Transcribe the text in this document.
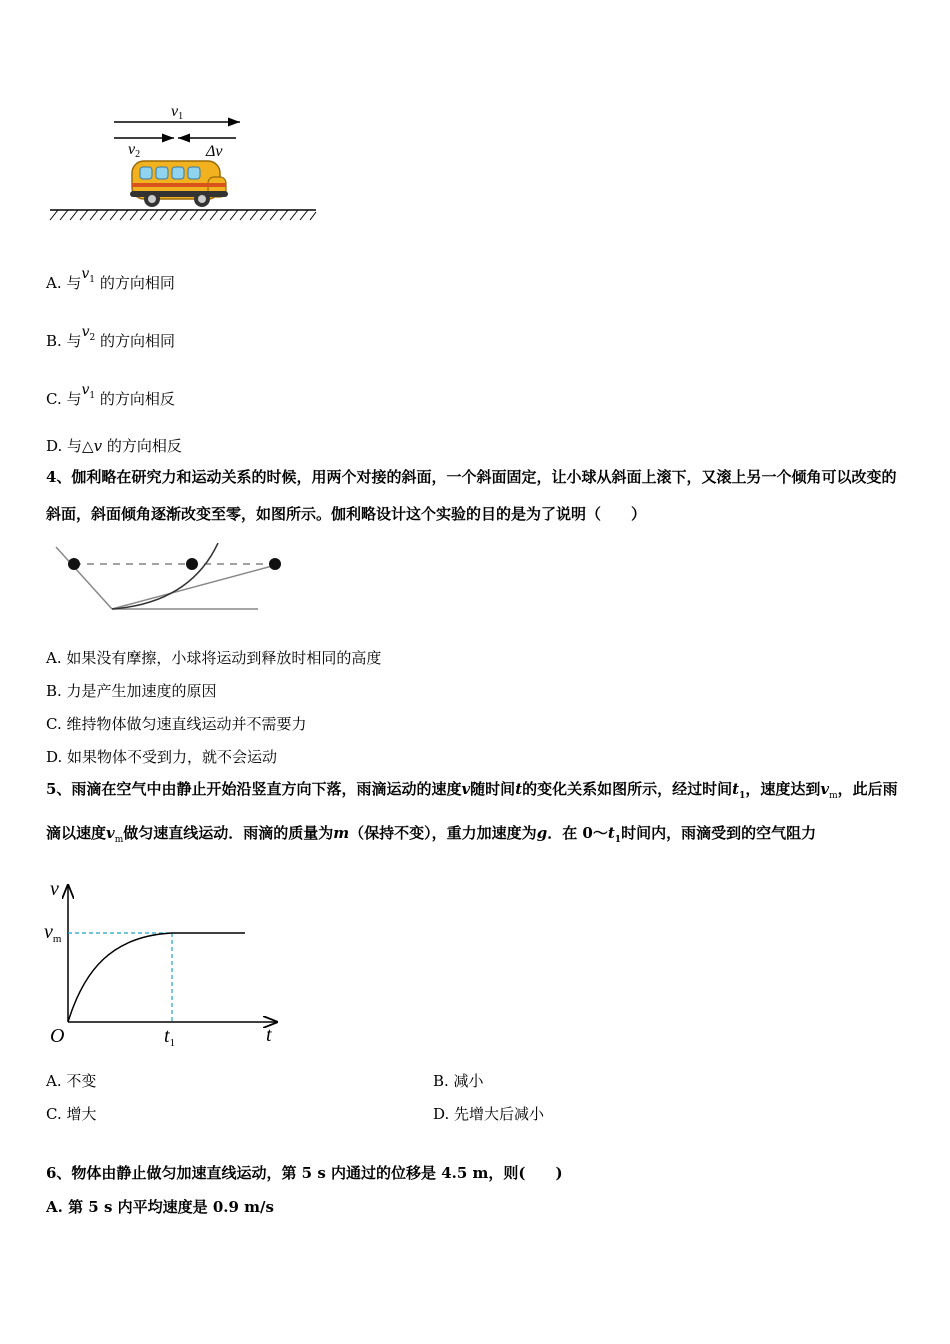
v1
v2	Δv
A. 与$v_1$ 的方向相同
B. 与$v_2$ 的方向相同
C. 与$v_1$ 的方向相反
D. 与△v 的方向相反
4、伽利略在研究力和运动关系的时候，用两个对接的斜面，一个斜面固定，让小球从斜面上滚下，又滚上另一个倾角可以改变的斜面，斜面倾角逐渐改变至零，如图所示。伽利略设计这个实验的目的是为了说明（　　）
A. 如果没有摩擦，小球将运动到释放时相同的高度
B. 力是产生加速度的原因
C. 维持物体做匀速直线运动并不需要力
D. 如果物体不受到力，就不会运动
5、雨滴在空气中由静止开始沿竖直方向下落，雨滴运动的速度v随时间t的变化关系如图所示，经过时间$t_1$，速度达到$v_m$，此后雨滴以速度$v_m$做匀速直线运动．雨滴的质量为m（保持不变），重力加速度为g．在 $0\sim t_1$时间内，雨滴受到的空气阻力
v
$v_m$
O	$t_1$	t
A. 不变	B. 减小
C. 增大	D. 先增大后减小
6、物体由静止做匀加速直线运动，第 5 s 内通过的位移是 4.5 m，则(　　)
A. 第 5 s 内平均速度是 0.9 m/s
